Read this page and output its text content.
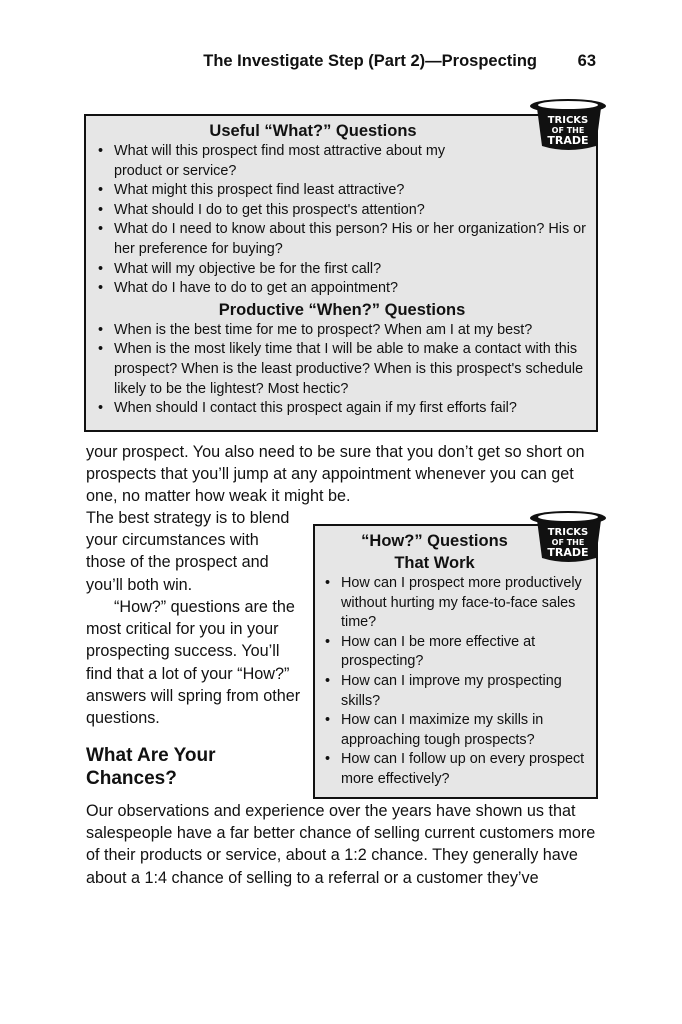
The Investigate Step (Part 2)—Prospecting 63
Useful “What?” Questions
• What will this prospect find most attractive about my product or service?
• What might this prospect find least attractive?
• What should I do to get this prospect's attention?
• What do I need to know about this person? His or her organization? His or her preference for buying?
• What will my objective be for the first call?
• What do I have to do to get an appointment?
Productive “When?” Questions
• When is the best time for me to prospect? When am I at my best?
• When is the most likely time that I will be able to make a contact with this prospect? When is the least productive? When is this prospect's schedule likely to be the lightest? Most hectic?
• When should I contact this prospect again if my first efforts fail?
TRICKS
OF THE
TRADE
your prospect. You also need to be sure that you don’t get so short on prospects that you’ll jump at any appointment whenever you can get one, no matter how weak it might be.
The best strategy is to blend your circumstances with those of the prospect and you’ll both win.
“How?” questions are the most critical for you in your prospecting success. You’ll find that a lot of your “How?” answers will spring from other questions.
What Are Your Chances?
“How?” Questions
That Work
• How can I prospect more productively without hurting my face-to-face sales time?
• How can I be more effective at prospecting?
• How can I improve my prospecting skills?
• How can I maximize my skills in approaching tough prospects?
• How can I follow up on every prospect more effectively?
TRICKS
OF THE
TRADE
Our observations and experience over the years have shown us that salespeople have a far better chance of selling current customers more of their products or service, about a 1:2 chance. They generally have about a 1:4 chance of selling to a referral or a customer they’ve
